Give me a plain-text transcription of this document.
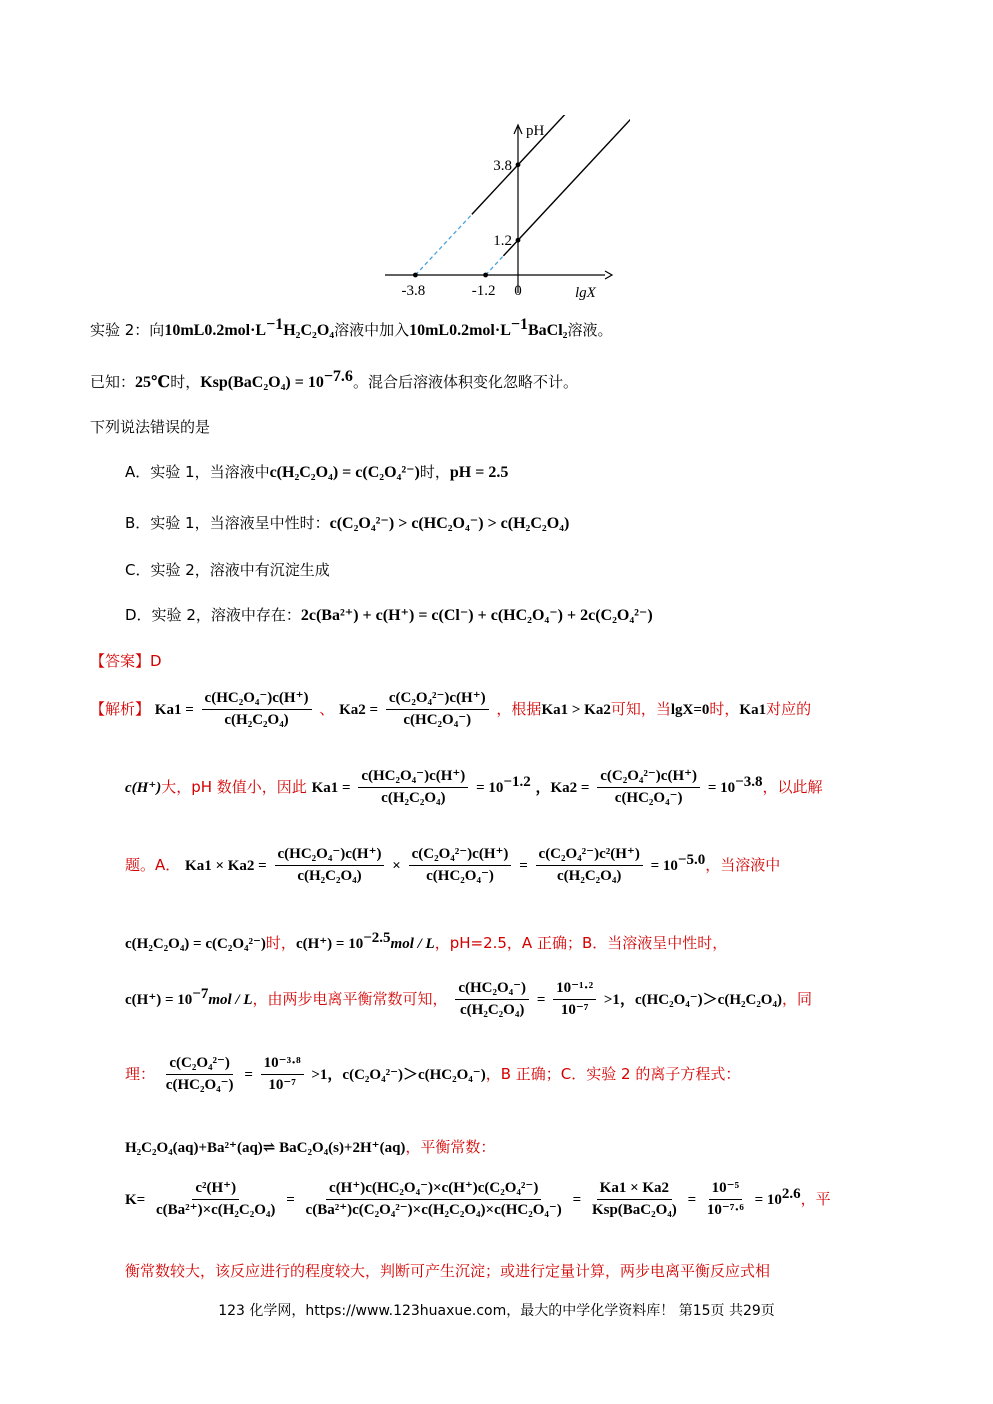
pH
lgX
3.8
1.2
-3.8	-1.2 0
实验 2：向$10mL0.2mol\cdot L^{-1}H_2C_2O_4$溶液中加入$10mL0.2mol\cdot L^{-1}BaCl_2$溶液。
已知：25℃时，$Ksp(BaC_2O_4) = 10^{-7.6}$。混合后溶液体积变化忽略不计。
下列说法错误的是
A．实验 1，当溶液中c(H₂C₂O₄) = c(C₂O₄²⁻)时，pH = 2.5
B．实验 1，当溶液呈中性时：c(C₂O₄²⁻) > c(HC₂O₄⁻) > c(H₂C₂O₄)
C．实验 2，溶液中有沉淀生成
D．实验 2，溶液中存在：2c(Ba²⁺) + c(H⁺) = c(Cl⁻) + c(HC₂O₄⁻) + 2c(C₂O₄²⁻)
【答案】D
【解析】 $Ka1 = \frac{\text{c(HC₂O₄⁻)c(H⁺)}}{\text{c(H₂C₂O₄)}}$ 、 $Ka2 = \frac{\text{c(C₂O₄²⁻)c(H⁺)}}{\text{c(HC₂O₄⁻)}}$ ，根据Ka1 > Ka2可知，当lgX=0时，Ka1对应的
c(H⁺)大，pH 数值小，因此 $Ka1 = \frac{\text{c(HC₂O₄⁻)c(H⁺)}}{\text{c(H₂C₂O₄)}} = 10^{-1.2}$ ，$Ka2 = \frac{\text{c(C₂O₄²⁻)c(H⁺)}}{\text{c(HC₂O₄⁻)}} = 10^{-3.8}$，以此解
题。A． $Ka1 \times Ka2 = \frac{\text{c(HC₂O₄⁻)c(H⁺)}}{\text{c(H₂C₂O₄)}} \times \frac{\text{c(C₂O₄²⁻)c(H⁺)}}{\text{c(HC₂O₄⁻)}} = \frac{\text{c(C₂O₄²⁻)c²(H⁺)}}{\text{c(H₂C₂O₄)}} = 10^{-5.0}$，当溶液中
c(H₂C₂O₄) = c(C₂O₄²⁻)时，$c(H^+) = 10^{-2.5}mol / L$，pH=2.5，A 正确；B．当溶液呈中性时，
$c(H^+) = 10^{-7}mol / L$，由两步电离平衡常数可知， $\frac{\text{c(HC₂O₄⁻)}}{\text{c(H₂C₂O₄)}} = \frac{\text{10⁻¹·²}}{\text{10⁻⁷}} >1$，c(HC₂O₄⁻)＞c(H₂C₂O₄)，同
理： $\frac{\text{c(C₂O₄²⁻)}}{\text{c(HC₂O₄⁻)}} = \frac{\text{10⁻³·⁸}}{\text{10⁻⁷}} >1$，c(C₂O₄²⁻)＞c(HC₂O₄⁻)，B 正确；C．实验 2 的离子方程式：
H₂C₂O₄(aq)+Ba²⁺(aq)⇌ BaC₂O₄(s)+2H⁺(aq)，平衡常数：
$K= \frac{\text{c²(H⁺)}}{\text{c(Ba²⁺)×c(H₂C₂O₄)}} = \frac{\text{c(H⁺)c(HC₂O₄⁻)×c(H⁺)c(C₂O₄²⁻)}}{\text{c(Ba²⁺)c(C₂O₄²⁻)×c(H₂C₂O₄)×c(HC₂O₄⁻)}} = \frac{Ka1 \times Ka2}{\text{Ksp(BaC₂O₄)}} = \frac{\text{10⁻⁵}}{\text{10⁻⁷·⁶}} = 10^{2.6}$，平
衡常数较大，该反应进行的程度较大，判断可产生沉淀；或进行定量计算，两步电离平衡反应式相
123 化学网，https://www.123huaxue.com，最大的中学化学资料库！ 第15页 共29页
